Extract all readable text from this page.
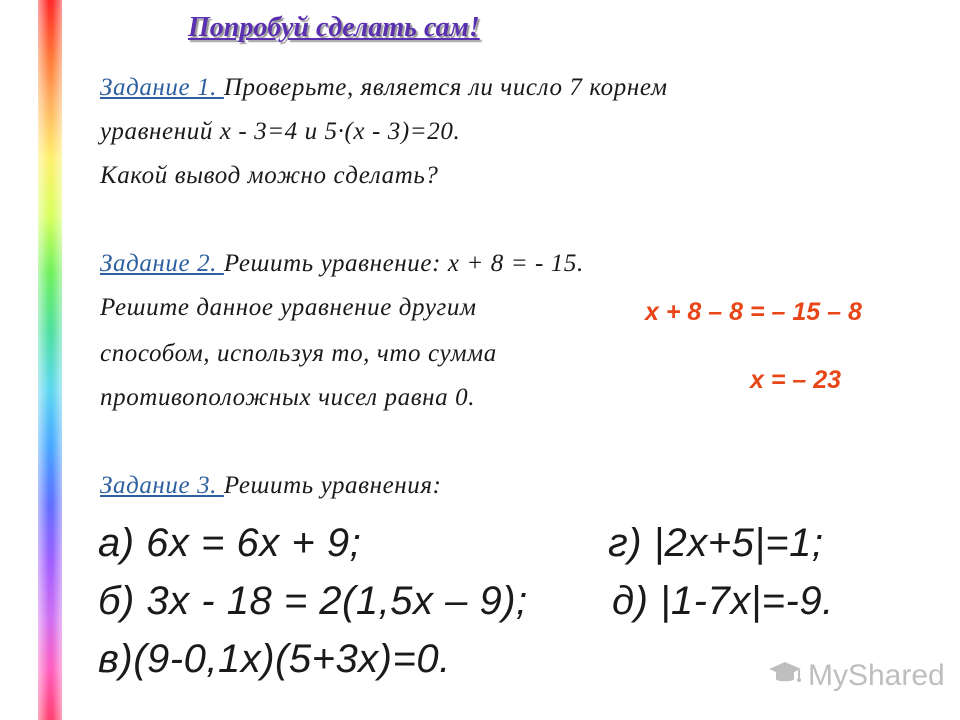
Попробуй сделать сам!
Задание 1. Проверьте, является ли число 7 корнем
уравнений х - 3=4 и 5·(х - 3)=20.
Какой вывод можно сделать?
Задание 2. Решить уравнение: х + 8 = - 15.
Решите данное уравнение другим
способом, используя то, что сумма
противоположных чисел равна 0.
x + 8 – 8 = – 15 – 8
x = – 23
Задание 3. Решить уравнения:
а) 6х = 6х + 9;	г) |2х+5|=1;
б) 3х - 18 = 2(1,5х – 9); д) |1-7х|=-9.
в)(9-0,1х)(5+3х)=0.	MyShared
